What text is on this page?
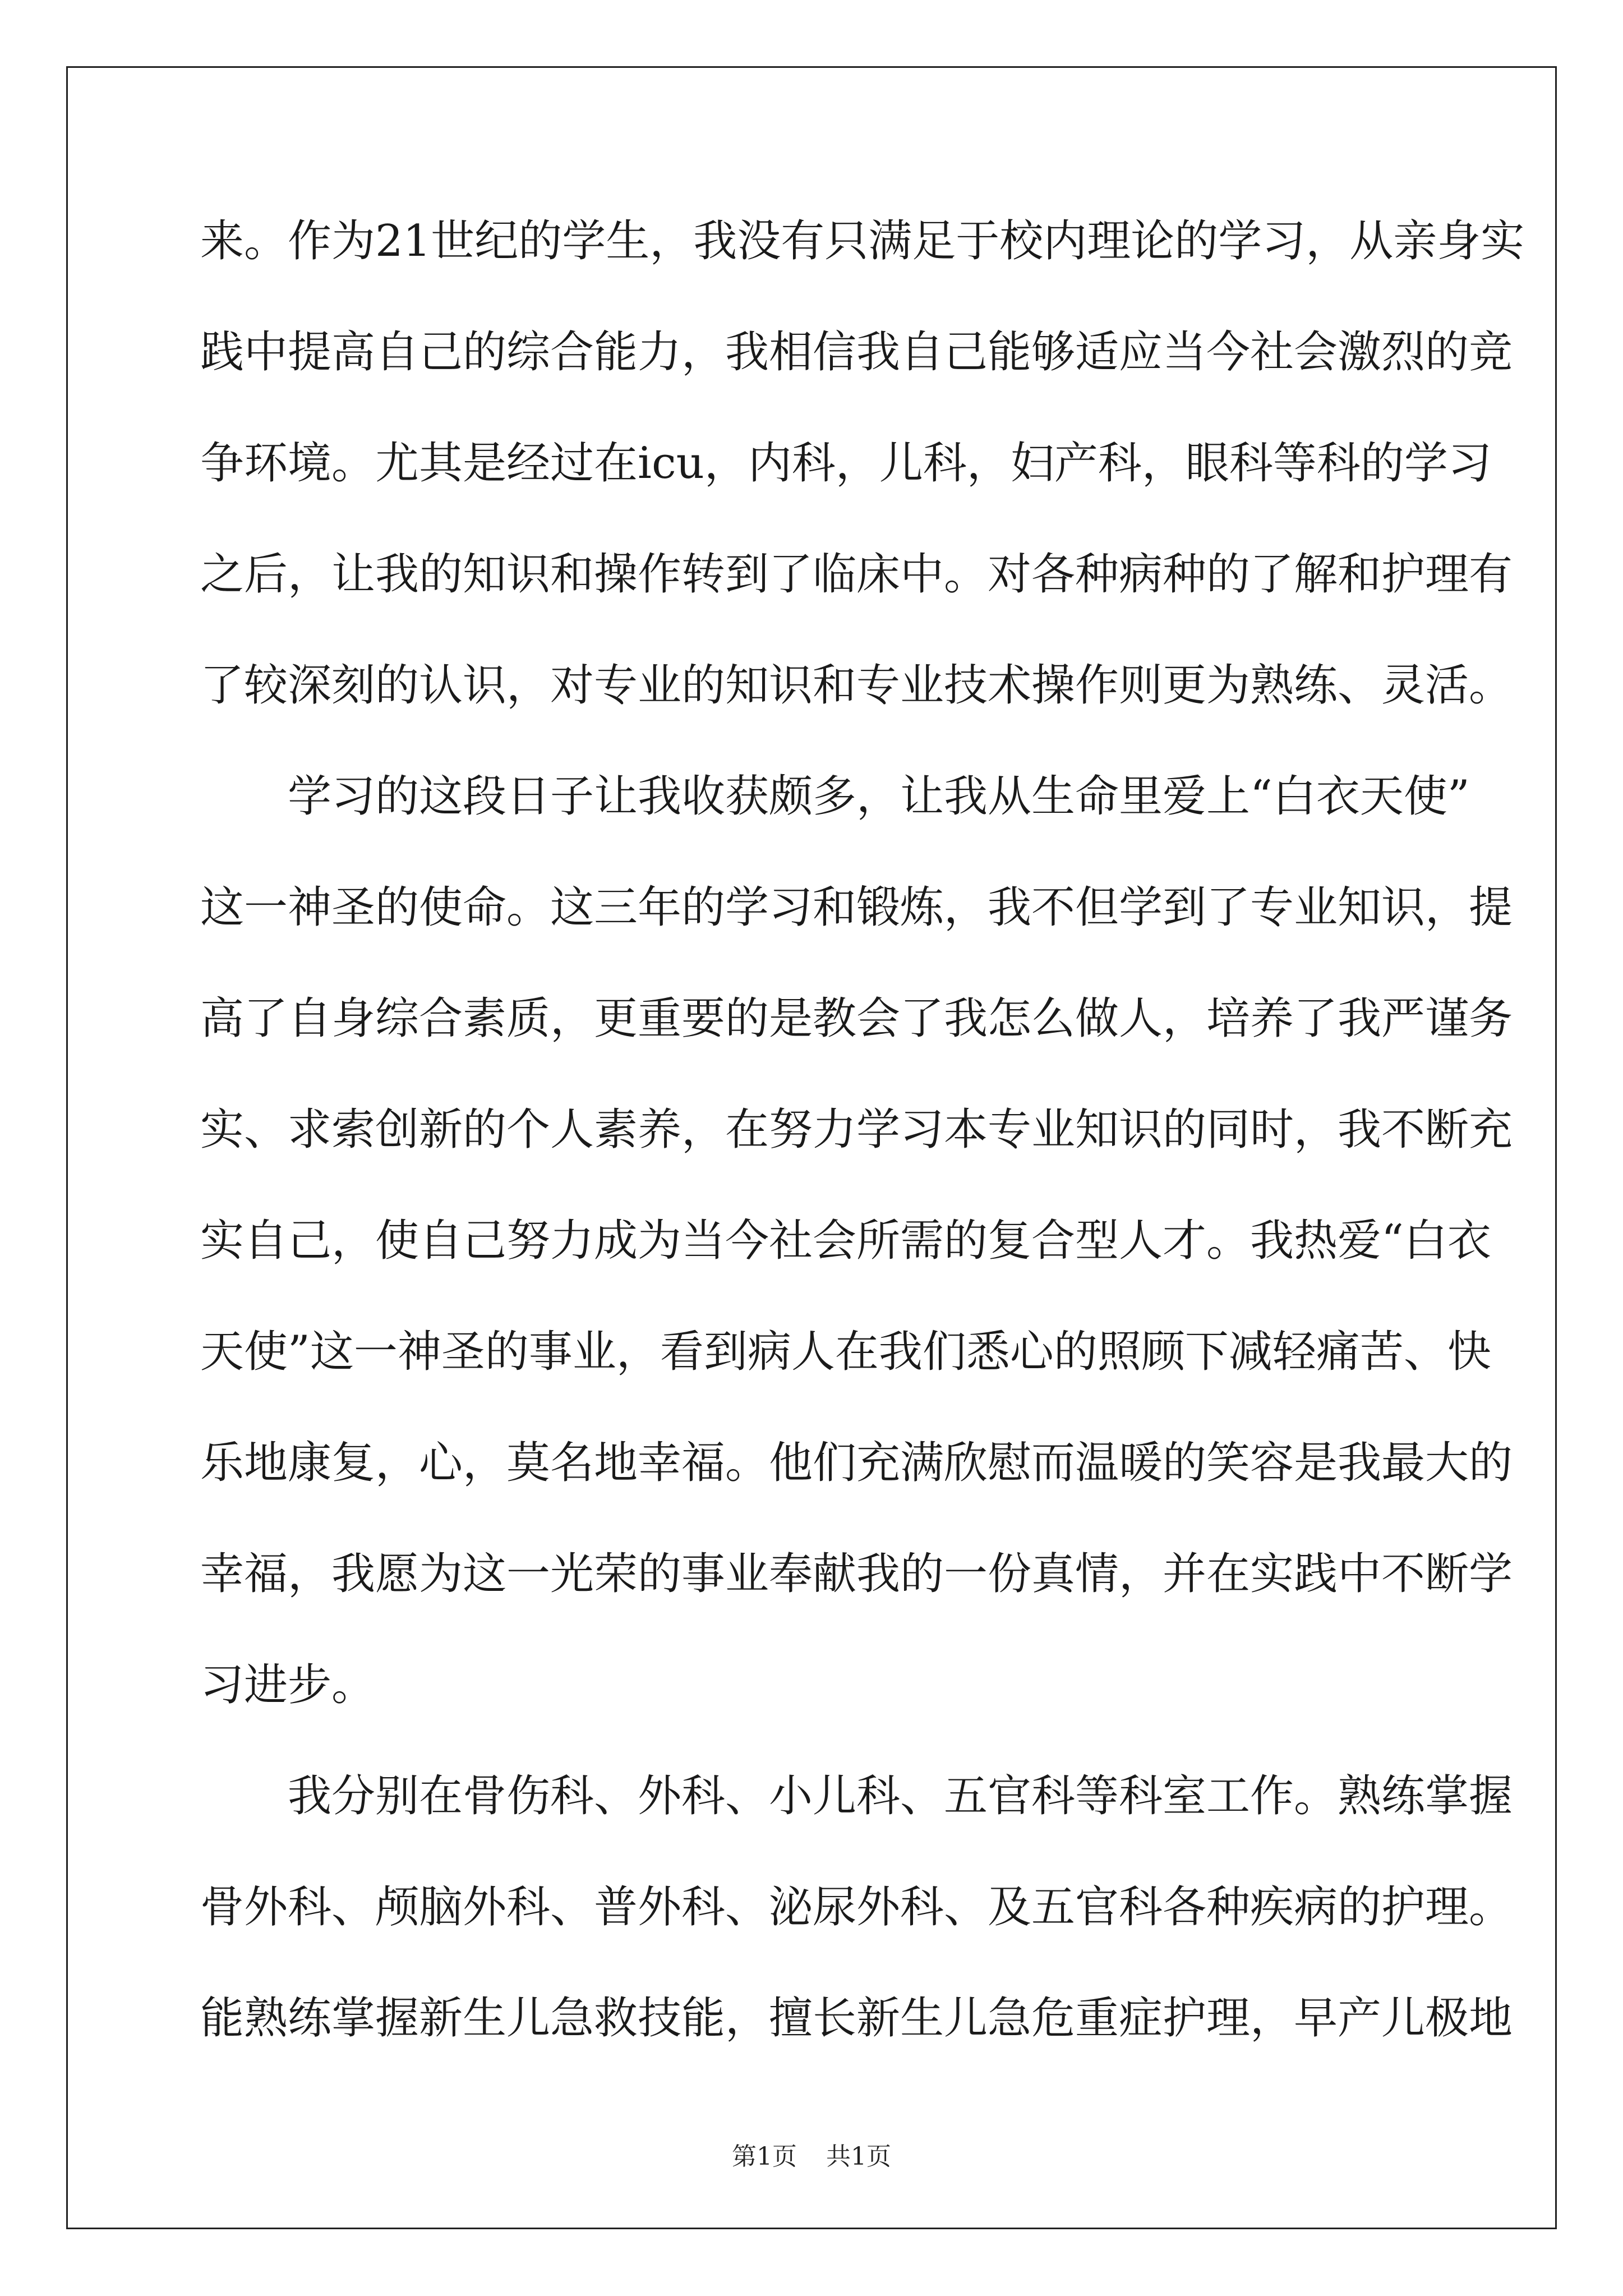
来。作为21世纪的学生，我没有只满足于校内理论的学习，从亲身实
践中提高自己的综合能力，我相信我自己能够适应当今社会激烈的竞
争环境。尤其是经过在icu，内科，儿科，妇产科，眼科等科的学习
之后，让我的知识和操作转到了临床中。对各种病种的了解和护理有
了较深刻的认识，对专业的知识和专业技术操作则更为熟练、灵活。
　　学习的这段日子让我收获颇多，让我从生命里爱上“白衣天使”
这一神圣的使命。这三年的学习和锻炼，我不但学到了专业知识，提
高了自身综合素质，更重要的是教会了我怎么做人，培养了我严谨务
实、求索创新的个人素养，在努力学习本专业知识的同时，我不断充
实自己，使自己努力成为当今社会所需的复合型人才。我热爱“白衣
天使”这一神圣的事业，看到病人在我们悉心的照顾下减轻痛苦、快
乐地康复，心，莫名地幸福。他们充满欣慰而温暖的笑容是我最大的
幸福，我愿为这一光荣的事业奉献我的一份真情，并在实践中不断学
习进步。
　　我分别在骨伤科、外科、小儿科、五官科等科室工作。熟练掌握
骨外科、颅脑外科、普外科、泌尿外科、及五官科各种疾病的护理。
能熟练掌握新生儿急救技能，擅长新生儿急危重症护理，早产儿极地
第1页 共1页
